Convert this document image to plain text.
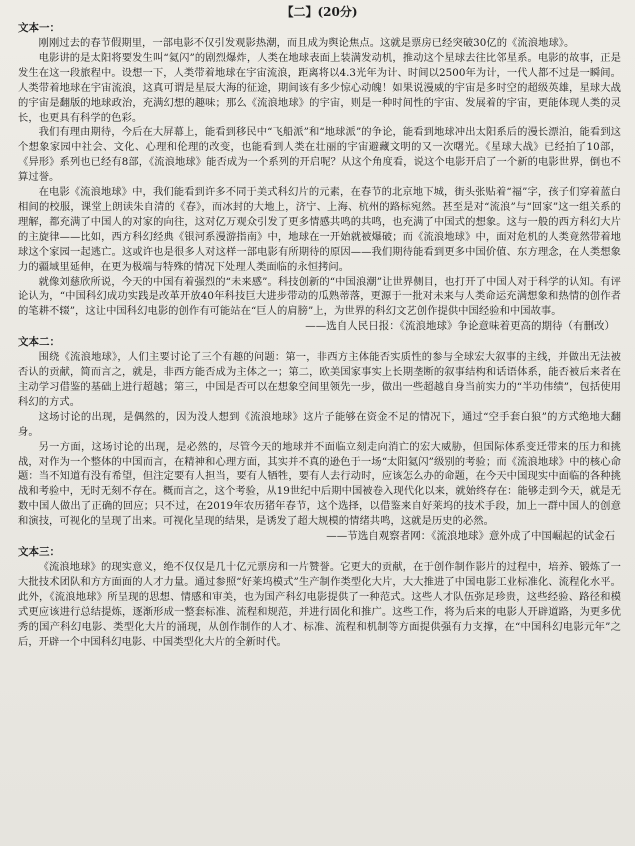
【二】(20分)
文本一：

刚刚过去的春节假期里，一部电影不仅引发观影热潮，而且成为舆论焦点。这就是票房已经突破30亿的《流浪地球》。

电影讲的是太阳将要发生叫“氦闪”的剧烈爆炸，人类在地球表面上装满发动机，推动这个星球去往比邻星系。电影的故事，正是发生在这一段旅程中。设想一下，人类带着地球在宇宙流浪，距离将以4.3光年为计、时间以2500年为计，一代人都不过是一瞬间。人类带着地球在宇宙流浪，这真可谓是星辰大海的征途，期间该有多少惊心动魄！如果说漫威的宇宙是多时空的超级英雄，星球大战的宇宙是翻版的地球政治，充满幻想的趣味；那么《流浪地球》的宇宙，则是一种时间性的宇宙、发展着的宇宙，更能体现人类的灵长，也更具有科学的色彩。

我们有理由期待，今后在大屏幕上，能看到移民中“飞船派”和“地球派”的争论，能看到地球冲出太阳系后的漫长漂泊，能看到这个想象家园中社会、文化、心理和伦理的改变，也能看到人类在壮丽的宇宙避藏文明的又一次曙光。《星球大战》已经拍了10部，《异形》系列也已经有8部，《流浪地球》能否成为一个系列的开启呢？从这个角度看，说这个电影开启了一个新的电影世界，倒也不算过誉。

在电影《流浪地球》中，我们能看到许多不同于美式科幻片的元素，在春节的北京地下城，街头张贴着“福”字，孩子们穿着蓝白相间的校服，课堂上朗读朱自清的《春》，而冰封的大地上，济宁、上海、杭州的路标宛然。甚至是对“流浪”与“回家”这一组关系的理解，都充满了中国人的对家的向往，这对亿万观众引发了更多情感共鸣的共鸣，也充满了中国式的想象。这与一般的西方科幻大片的主旋律——比如，西方科幻经典《银河系漫游指南》中，地球在一开始就被爆破；而《流浪地球》中，面对危机的人类竟然带着地球这个家园一起逃亡。这或许也是很多人对这样一部电影有所期待的原因——我们期待能看到更多中国价值、东方理念，在人类想象力的疆域里延伸，在更为极端与特殊的情况下处理人类面临的永恒拷问。

就像刘慈欣所说，今天的中国有着强烈的“未来感”。科技创新的“中国浪潮”让世界侧目，也打开了中国人对于科学的认知。有评论认为，“中国科幻成功实践是改革开放40年科技巨大进步带动的瓜熟蒂落，更源于一批对未来与人类命运充满想象和热情的创作者的笔耕不辍”，这让中国科幻电影的创作有可能站在“巨人的肩膀”上，为世界的科幻文艺创作提供中国经验和中国故事。

——选自人民日报：《流浪地球》争论意味着更高的期待（有删改）
文本二：

围绕《流浪地球》，人们主要讨论了三个有趣的问题：第一，非西方主体能否实质性的参与全球宏大叙事的主线，并做出无法被否认的贡献，简而言之，就是，非西方能否成为主体之一；第二，欧美国家事实上长期垄断的叙事结构和话语体系，能否被后来者在主动学习借鉴的基础上进行超越；第三，中国是否可以在想象空间里领先一步，做出一些超越自身当前实力的“半功伟绩”，包括使用科幻的方式。

这场讨论的出现，是偶然的，因为没人想到《流浪地球》这片子能够在资金不足的情况下，通过“空手套白狼”的方式绝地大翻身。

另一方面，这场讨论的出现，是必然的，尽管今天的地球并不面临立刻走向消亡的宏大威胁，但国际体系变迁带来的压力和挑战，对作为一个整体的中国而言，在精神和心理方面，其实并不真的逊色于一场“太阳氦闪”级别的考验；而《流浪地球》中的核心命题：当不知道有没有希望，但注定要有人担当，要有人牺牲，要有人去行动时，应该怎么办的命题，在今天中国现实中面临的各种挑战和考验中，无时无刻不存在。概而言之，这个考验，从19世纪中后期中国被卷入现代化以来，就始终存在：能够走到今天，就是无数中国人做出了正确的回应；只不过，在2019年农历猪年春节，这个选择，以借鉴来自好莱坞的技术手段，加上一群中国人的创意和演技，可视化的呈现了出来。可视化呈现的结果，是诱发了超大规模的情绪共鸣，这就是历史的必然。

——节选自观察者网：《流浪地球》意外成了中国崛起的试金石
文本三：

《流浪地球》的现实意义，绝不仅仅是几十亿元票房和一片赞誉。它更大的贡献，在于创作制作影片的过程中，培养、锻炼了一大批技术团队和方方面面的人才力量。通过参照“好莱坞模式”生产制作类型化大片，大大推进了中国电影工业标准化、流程化水平。此外，《流浪地球》所呈现的思想、情感和审美，也为国产科幻电影提供了一种范式。这些人才队伍弥足珍贵，这些经验、路径和模式更应该进行总结提炼，逐渐形成一整套标准、流程和规范，并进行固化和推广。这些工作，将为后来的电影人开辟道路，为更多优秀的国产科幻电影、类型化大片的涌现，从创作制作的人才、标准、流程和机制等方面提供强有力支撑，在“中国科幻电影元年”之后，开辟一个中国科幻电影、中国类型化大片的全新时代。
